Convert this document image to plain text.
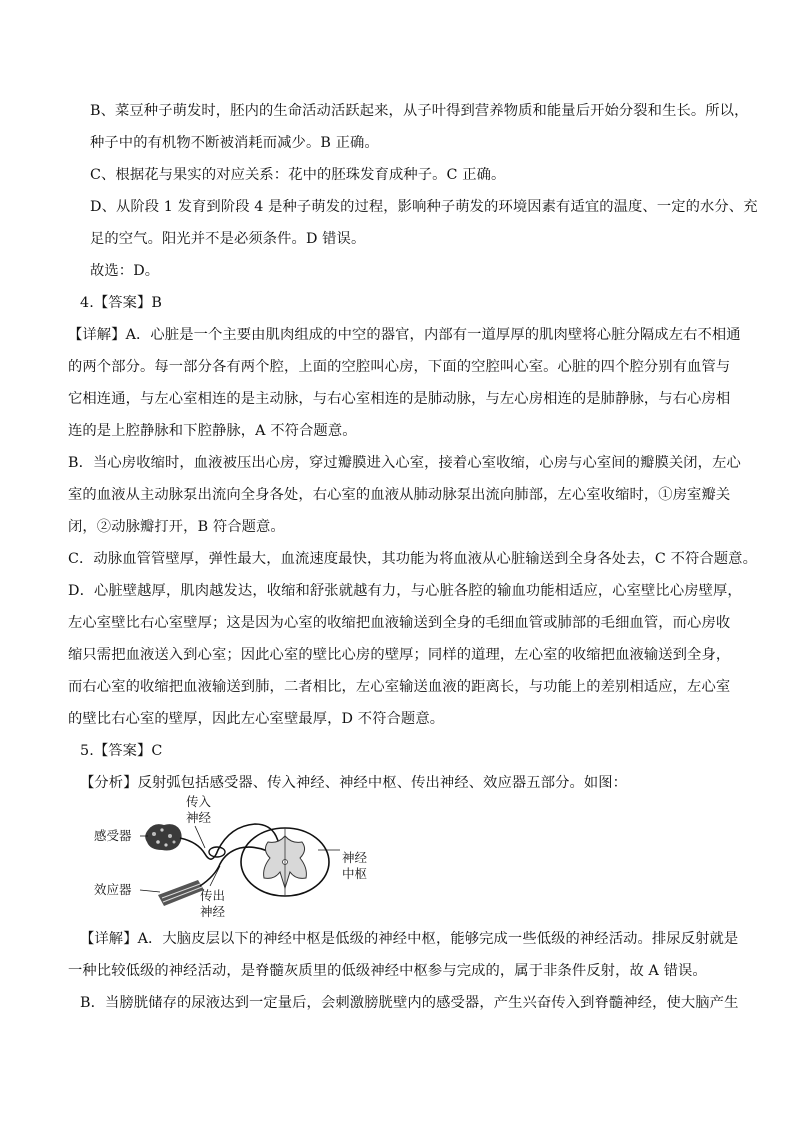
B、菜豆种子萌发时，胚内的生命活动活跃起来，从子叶得到营养物质和能量后开始分裂和生长。所以，
种子中的有机物不断被消耗而减少。B 正确。
C、根据花与果实的对应关系：花中的胚珠发育成种子。C 正确。
D、从阶段 1 发育到阶段 4 是种子萌发的过程，影响种子萌发的环境因素有适宜的温度、一定的水分、充
足的空气。阳光并不是必须条件。D 错误。
故选：D。
4.【答案】B
【详解】A．心脏是一个主要由肌肉组成的中空的器官，内部有一道厚厚的肌肉壁将心脏分隔成左右不相通
的两个部分。每一部分各有两个腔，上面的空腔叫心房，下面的空腔叫心室。心脏的四个腔分别有血管与
它相连通，与左心室相连的是主动脉，与右心室相连的是肺动脉，与左心房相连的是肺静脉，与右心房相
连的是上腔静脉和下腔静脉，A 不符合题意。
B．当心房收缩时，血液被压出心房，穿过瓣膜进入心室，接着心室收缩，心房与心室间的瓣膜关闭，左心
室的血液从主动脉泵出流向全身各处，右心室的血液从肺动脉泵出流向肺部，左心室收缩时，①房室瓣关
闭，②动脉瓣打开，B 符合题意。
C．动脉血管管壁厚，弹性最大，血流速度最快，其功能为将血液从心脏输送到全身各处去，C 不符合题意。
D．心脏壁越厚，肌肉越发达，收缩和舒张就越有力，与心脏各腔的输血功能相适应，心室壁比心房壁厚，
左心室壁比右心室壁厚；这是因为心室的收缩把血液输送到全身的毛细血管或肺部的毛细血管，而心房收
缩只需把血液送入到心室；因此心室的壁比心房的壁厚；同样的道理，左心室的收缩把血液输送到全身，
而右心室的收缩把血液输送到肺，二者相比，左心室输送血液的距离长，与功能上的差别相适应，左心室
的壁比右心室的壁厚，因此左心室壁最厚，D 不符合题意。
5.【答案】C
【分析】反射弧包括感受器、传入神经、神经中枢、传出神经、效应器五部分。如图：
感受器
传入
神经
效应器	传出
神经
神经
中枢
【详解】A．大脑皮层以下的神经中枢是低级的神经中枢，能够完成一些低级的神经活动。排尿反射就是
一种比较低级的神经活动，是脊髓灰质里的低级神经中枢参与完成的，属于非条件反射，故 A 错误。
B．当膀胱储存的尿液达到一定量后，会刺激膀胱壁内的感受器，产生兴奋传入到脊髓神经，使大脑产生
